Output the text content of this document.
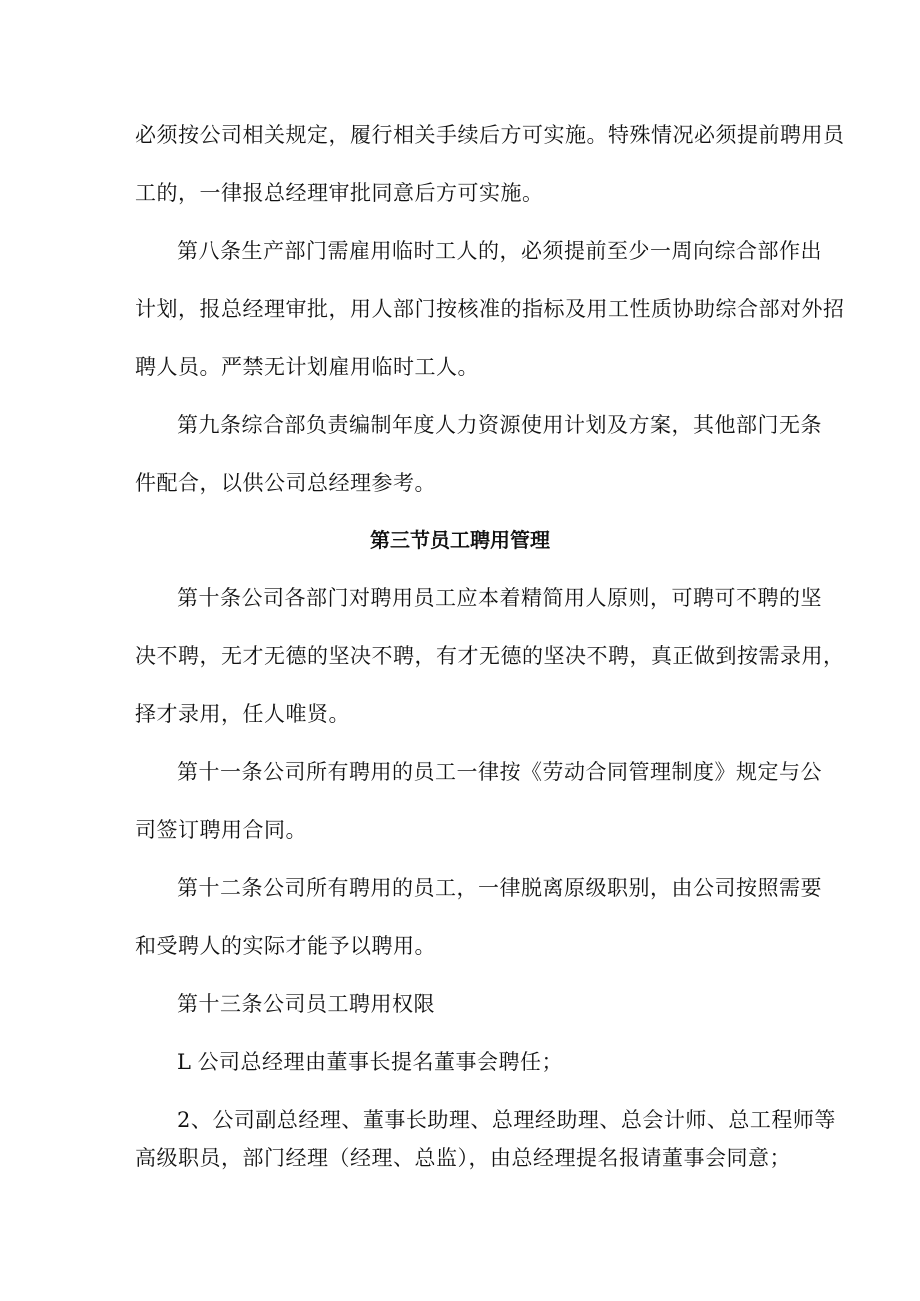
必须按公司相关规定，履行相关手续后方可实施。特殊情况必须提前聘用员
工的，一律报总经理审批同意后方可实施。
第八条生产部门需雇用临时工人的，必须提前至少一周向综合部作出
计划，报总经理审批，用人部门按核准的指标及用工性质协助综合部对外招
聘人员。严禁无计划雇用临时工人。
第九条综合部负责编制年度人力资源使用计划及方案，其他部门无条
件配合，以供公司总经理参考。
第三节员工聘用管理
第十条公司各部门对聘用员工应本着精简用人原则，可聘可不聘的坚
决不聘，无才无德的坚决不聘，有才无德的坚决不聘，真正做到按需录用，
择才录用，任人唯贤。
第十一条公司所有聘用的员工一律按《劳动合同管理制度》规定与公
司签订聘用合同。
第十二条公司所有聘用的员工，一律脱离原级职别，由公司按照需要
和受聘人的实际才能予以聘用。
第十三条公司员工聘用权限
L 公司总经理由董事长提名董事会聘任；
2、公司副总经理、董事长助理、总理经助理、总会计师、总工程师等
高级职员，部门经理（经理、总监），由总经理提名报请董事会同意；
